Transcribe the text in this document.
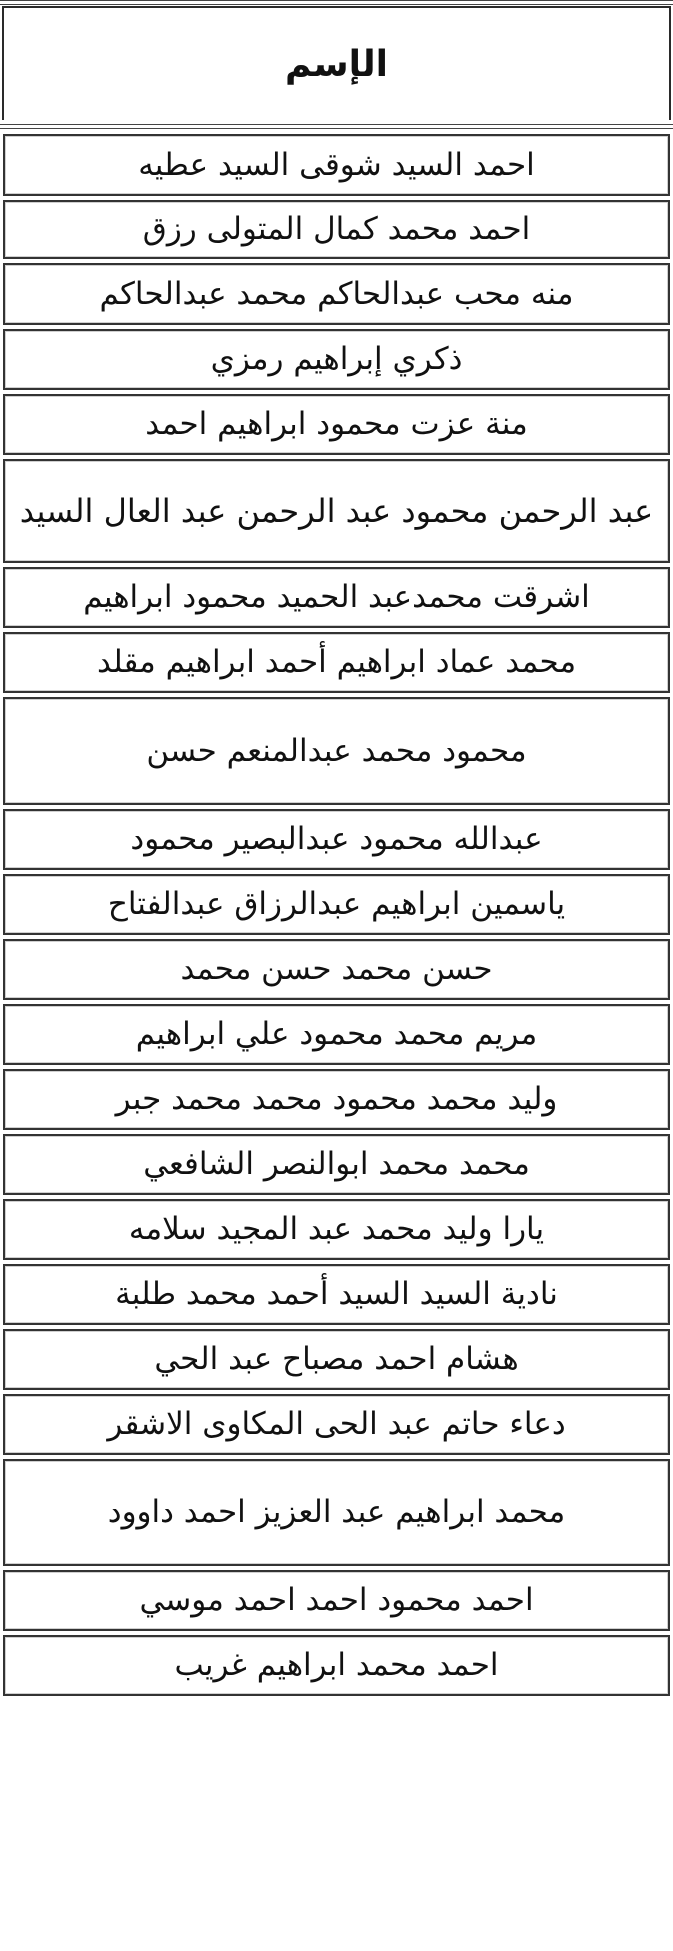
الإسم
احمد السيد شوقى السيد عطيه
احمد محمد كمال المتولى رزق
منه محب عبدالحاكم محمد عبدالحاكم
ذكري إبراهيم رمزي
منة عزت محمود ابراهيم احمد
عبد الرحمن محمود عبد الرحمن عبد العال السيد
اشرقت محمدعبد الحميد محمود ابراهيم
محمد عماد ابراهيم أحمد ابراهيم مقلد
محمود محمد عبدالمنعم حسن
عبدالله محمود عبدالبصير محمود
ياسمين ابراهيم عبدالرزاق عبدالفتاح
حسن محمد حسن محمد
مريم محمد محمود علي ابراهيم
وليد محمد محمود محمد محمد جبر
محمد محمد ابوالنصر الشافعي
يارا وليد محمد عبد المجيد سلامه
نادية السيد السيد أحمد محمد طلبة
هشام احمد مصباح عبد الحي
دعاء حاتم عبد الحى المكاوى الاشقر
محمد ابراهيم عبد العزيز احمد داوود
احمد محمود احمد احمد موسي
احمد محمد ابراهيم غريب
